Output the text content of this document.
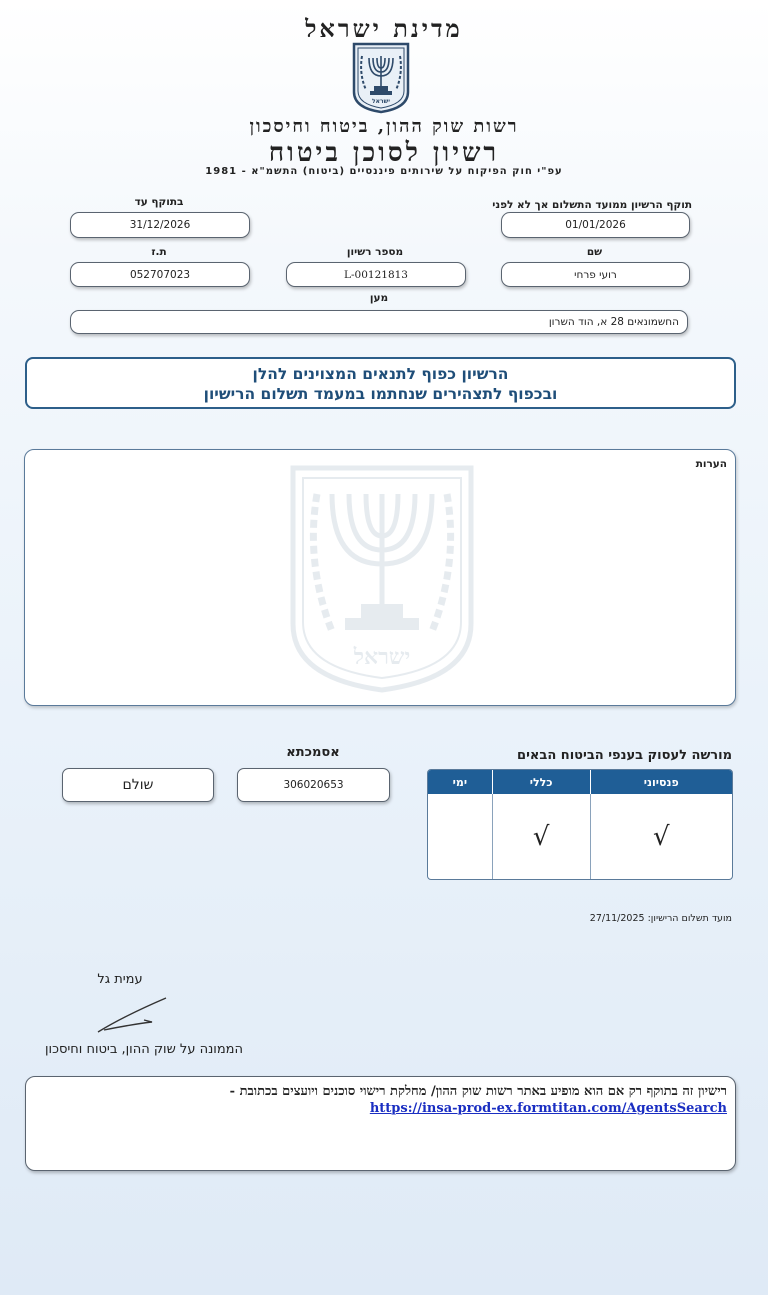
מדינת ישראל
ישראל
רשות שוק ההון, ביטוח וחיסכון
רשיון לסוכן ביטוח
עפ"י חוק הפיקוח על שירותים פיננסיים (ביטוח) התשמ"א - 1981
בתוקף עד	תוקף הרשיון ממועד התשלום אך לא לפני
31/12/2026	01/01/2026
ת.ז	מספר רשיון	שם
052707023	L-00121813	רועי פרחי
מען
החשמונאים 28 א, הוד השרון
הרשיון כפוף לתנאים המצוינים להלן
ובכפוף לתצהירים שנחתמו במעמד תשלום הרישיון
הערות
ישראל
מורשה לעסוק בענפי הביטוח הבאים
פנסיוני	כללי	ימי
√	√	
אסמכתא
306020653
שולם
מועד תשלום הרישיון: 27/11/2025
עמית גל
הממונה על שוק ההון, ביטוח וחיסכון
רישיון זה בתוקף רק אם הוא מופיע באתר רשות שוק ההון/ מחלקת רישוי סוכנים ויועצים בכתובת -
https://insa-prod-ex.formtitan.com/AgentsSearch
